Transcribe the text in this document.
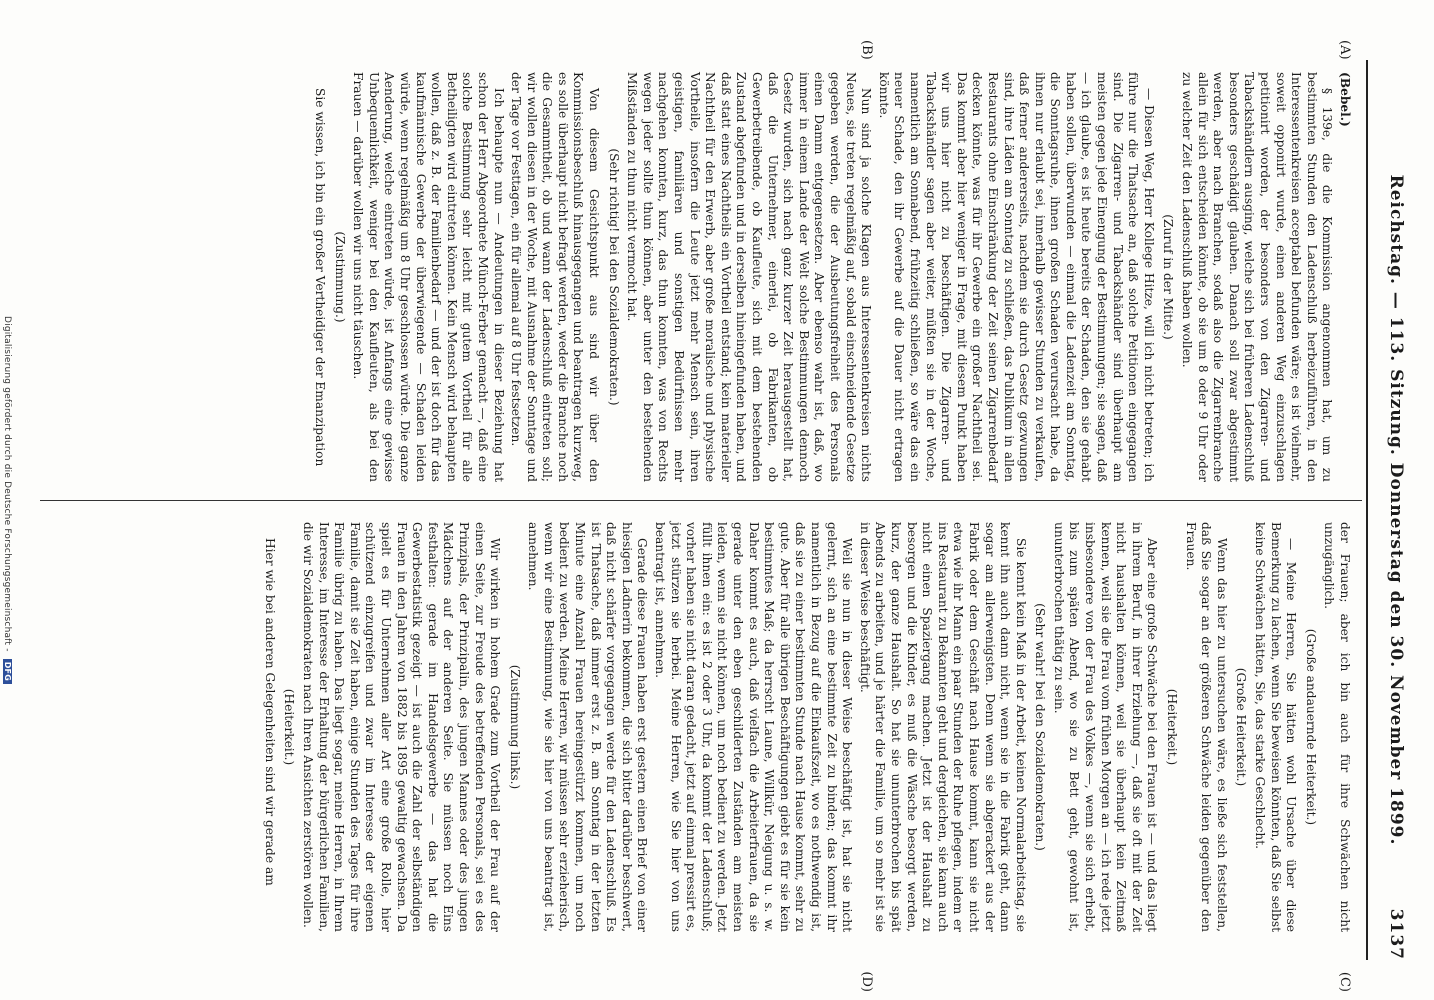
Reichstag. — 113. Sitzung. Donnerstag den 30. November 1899.
3137
(A)
(B)
(C)
(D)

(Bebel.)

§ 139e, die die Kommission angenommen hat, um zu bestimmten Stunden den Ladenschluß herbeizuführen, in den Interessentenkreisen acceptabel befunden wäre; es ist vielmehr, soweit opponirt wurde, einen anderen Weg einzuschlagen petitionirt worden, der besonders von den Zigarren- und Tabackshändlern ausging, welche sich bei früheren Ladenschluß besonders geschädigt glauben. Danach soll zwar abgestimmt werden, aber nach Branchen, sodaß also die Zigarrenbranche allein für sich entscheiden könnte, ob sie um 8 oder 9 Uhr oder zu welcher Zeit den Ladenschluß haben wollen.

(Zuruf in der Mitte.)

— Diesen Weg, Herr Kollege Hitze, will ich nicht betreten; ich führe nur die Thatsache an, daß solche Petitionen eingegangen sind. Die Zigarren- und Tabackshändler sind überhaupt am meisten gegen jede Einengung der Bestimmungen; sie sagen, daß — ich glaube, es ist heute bereits der Schaden, den sie gehabt haben sollen, überwunden — einmal die Ladenzeit am Sonntag, die Sonntagsruhe, ihnen großen Schaden verursacht habe, da ihnen nur erlaubt sei, innerhalb gewisser Stunden zu verkaufen, daß ferner andererseits, nachdem sie durch Gesetz gezwungen sind, ihre Läden am Sonntag zu schließen, das Publikum in allen Restaurants ohne Einschränkung der Zeit seinen Zigarrenbedarf decken könnte, was für ihr Gewerbe ein großer Nachtheil sei. Das kommt aber hier weniger in Frage, mit diesem Punkt haben wir uns hier nicht zu beschäftigen. Die Zigarren- und Tabackshändler sagen aber weiter, müßten sie in der Woche, namentlich am Sonnabend, frühzeitig schließen, so wäre das ein neuer Schade, den ihr Gewerbe auf die Dauer nicht ertragen könnte.

Nun sind ja solche Klagen aus Interessentenkreisen nichts Neues, sie treten regelmäßig auf, sobald einschneidende Gesetze gegeben werden, die der Ausbeutungsfreiheit des Personals einen Damm entgegensetzen. Aber ebenso wahr ist, daß, wo immer in einem Lande der Welt solche Bestimmungen dennoch Gesetz wurden, sich nach ganz kurzer Zeit herausgestellt hat, daß die Unternehmer, einerlei, ob Fabrikanten, ob Gewerbetreibende, ob Kaufleute, sich mit dem bestehenden Zustand abgefunden und in derselben hineingefunden haben, und daß statt eines Nachtheils ein Vortheil entstand; kein materieller Nachtheil für den Erwerb, aber große moralische und physische Vortheile, insofern die Leute jetzt mehr Mensch sein, ihren geistigen, familiären und sonstigen Bedürfnissen mehr nachgehen konnten, kurz, das thun konnten, was von Rechts wegen jeder sollte thun können, aber unter den bestehenden Mißständen zu thun nicht vermocht hat.

(Sehr richtig! bei den Sozialdemokraten.)

Von diesem Gesichtspunkt aus sind wir über den Kommissionsbeschluß hinausgegangen und beantragen kurzweg, es solle überhaupt nicht befragt werden, weder die Branche noch die Gesammtheit, ob und wann der Ladenschluß eintreten soll; wir wollen diesen in der Woche, mit Ausnahme der Sonntage und der Tage vor Festtagen, ein für allemal auf 8 Uhr festsetzen.

Ich behaupte nun — Andeutungen in dieser Beziehung hat schon der Herr Abgeordnete Münch-Ferber gemacht —, daß eine solche Bestimmung sehr leicht mit gutem Vortheil für alle Betheiligten wird eintreten können. Kein Mensch wird behaupten wollen, daß z. B. der Familienbedarf — und der ist doch für das kaufmännische Gewerbe der überwiegende — Schaden leiden würde, wenn regelmäßig um 8 Uhr geschlossen würde. Die ganze Aenderung, welche eintreten würde, ist Anfangs eine gewisse Unbequemlichkeit, weniger bei den Kaufleuten, als bei den Frauen — darüber wollen wir uns nicht täuschen.

(Zustimmung.)

Sie wissen, ich bin ein großer Vertheidiger der Emanzipation

der Frauen; aber ich bin auch für ihre Schwächen nicht unzugänglich.

(Große andauernde Heiterkeit.)

— Meine Herren, Sie hätten wohl Ursache über diese Bemerkung zu lachen, wenn Sie beweisen könnten, daß Sie selbst keine Schwächen hätten, Sie, das starke Geschlecht.

(Große Heiterkeit.)

Wenn das hier zu untersuchen wäre, es ließe sich feststellen, daß Sie sogar an der größeren Schwäche leiden gegenüber den Frauen.

(Heiterkeit.)

Aber eine große Schwäche bei den Frauen ist — und das liegt in ihrem Beruf, in ihrer Erziehung —, daß sie oft mit der Zeit nicht haushalten können, weil sie überhaupt kein Zeitmaß kennen, weil sie die Frau vom frühen Morgen an — ich rede jetzt insbesondere von der Frau des Volkes —, wenn sie sich erhebt, bis zum späten Abend, wo sie zu Bett geht, gewohnt ist, ununterbrochen thätig zu sein.

(Sehr wahr! bei den Sozialdemokraten.)

Sie kennt kein Maß in der Arbeit, keinen Normalarbeitstag, sie kennt ihn auch dann nicht, wenn sie in die Fabrik geht, dann sogar am allerwenigsten. Denn wenn sie abgerackert aus der Fabrik oder dem Geschäft nach Hause kommt, kann sie nicht etwa wie ihr Mann ein paar Stunden der Ruhe pflegen, indem er ins Restaurant zu Bekannten geht und dergleichen, sie kann auch nicht einen Spaziergang machen. Jetzt ist der Haushalt zu besorgen und die Kinder, es muß die Wäsche besorgt werden, kurz, der ganze Haushalt. So hat sie ununterbrochen bis spät Abends zu arbeiten, und je härter die Familie, um so mehr ist sie in dieser Weise beschäftigt.

Weil sie nun in dieser Weise beschäftigt ist, hat sie nicht gelernt, sich an eine bestimmte Zeit zu binden; das kommt ihr namentlich in Bezug auf die Einkaufszeit, wo es nothwendig ist, daß sie zu einer bestimmten Stunde nach Hause kommt, sehr zu gute. Aber für alle übrigen Beschäftigungen giebt es für sie kein bestimmtes Maß; da herrscht Laune, Willkür, Neigung u. s. w. Daher kommt es auch, daß vielfach die Arbeiterfrauen, da sie gerade unter den eben geschilderten Zuständen am meisten leiden, wenn sie nicht können, um noch bedient zu werden. Jetzt füllt ihnen ein: es ist 2 oder 3 Uhr, da kommt der Ladenschluß; vorher haben sie nicht daran gedacht, jetzt auf einmal pressirt es, jetzt stürzen sie herbei. Meine Herren, wie Sie hier von uns beantragt ist, annehmen.

Gerade diese Frauen haben erst gestern einen Brief von einer hiesigen Ladnerin bekommen, die sich bitter darüber beschwert, daß nicht schärfer vorgegangen werde für den Ladenschluß. Es ist Thatsache, daß immer erst z. B. am Sonntag in der letzten Minute eine Anzahl Frauen hereingestürzt kommen, um noch bedient zu werden. Meine Herren, wir müssen sehr erzieherisch, wenn wir eine Bestimmung, wie sie hier von uns beantragt ist, annehmen.

(Zustimmung links.)

Wir wirken in hohem Grade zum Vortheil der Frau auf der einen Seite, zur Freude des betreffenden Personals, sei es des Prinzipals, der Prinzipalin, des jungen Mannes oder des jungen Mädchens auf der anderen Seite. Sie müssen noch Eins festhalten: gerade im Handelsgewerbe — das hat die Gewerbestatistik gezeigt — ist auch die Zahl der selbständigen Frauen in den Jahren von 1882 bis 1895 gewaltig gewachsen. Da spielt es für Unternehmen aller Art eine große Rolle, hier schützend einzugreifen und zwar im Interesse der eigenen Familie, damit sie Zeit haben, einige Stunden des Tages für ihre Familie übrig zu haben. Das liegt sogar, meine Herren, in Ihrem Interesse, im Interesse der Erhaltung der bürgerlichen Familien, die wir Sozialdemokraten nach Ihren Ansichten zerstören wollen.

(Heiterkeit.)

Hier wie bei anderen Gelegenheiten sind wir gerade am

Digitalisierung gefördert durch die Deutsche Forschungsgemeinschaft - DFG
